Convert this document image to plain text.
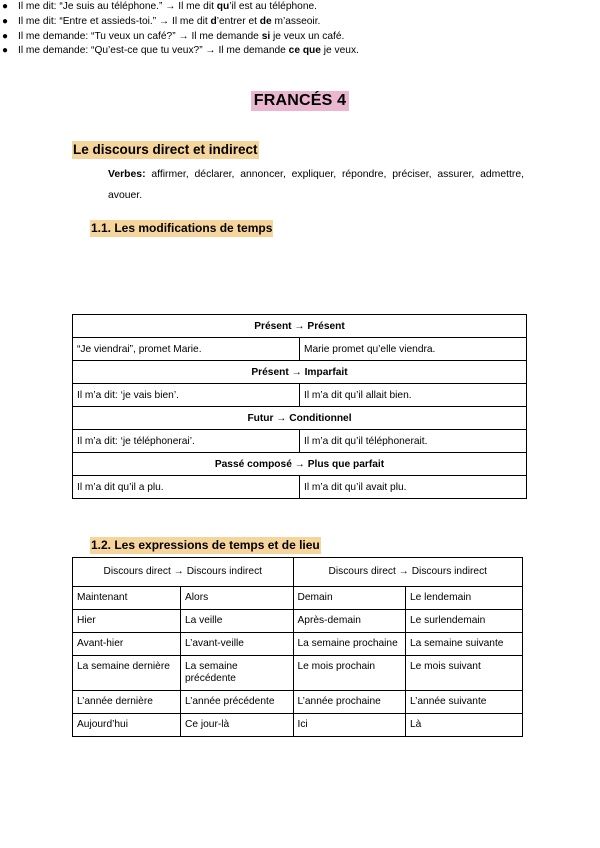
FRANCÉS 4
Le discours direct et indirect
Verbes: affirmer, déclarer, annoncer, expliquer, répondre, préciser, assurer, admettre, avouer.
1.1. Les modifications de temps
● Il me dit: “Je suis au téléphone.” → Il me dit qu’il est au téléphone.
● Il me dit: “Entre et assieds-toi.” → Il me dit d’entrer et de m’asseoir.
● Il me demande: “Tu veux un café?” → Il me demande si je veux un café.
● Il me demande: “Qu’est-ce que tu veux?” → Il me demande ce que je veux.
Présent → Présent	
“Je viendrai”, promet Marie.	Marie promet qu’elle viendra.
Présent → Imparfait	
Il m’a dit: ‘je vais bien’.	Il m’a dit qu’il allait bien.
Futur → Conditionnel	
Il m’a dit: ‘je téléphonerai’.	Il m’a dit qu’il téléphonerait.
Passé composé → Plus que parfait	
Il m’a dit qu’il a plu.	Il m’a dit qu’il avait plu.
1.2. Les expressions de temps et de lieu
Discours direct → Discours indirect		Discours direct → Discours indirect	
Maintenant	Alors	Demain	Le lendemain
Hier	La veille	Après-demain	Le surlendemain
Avant-hier	L’avant-veille	La semaine prochaine	La semaine suivante
La semaine dernière	La semaine précédente	Le mois prochain	Le mois suivant
L’année dernière	L’année précédente	L’année prochaine	L’année suivante
Aujourd’hui	Ce jour-là	Ici	Là
